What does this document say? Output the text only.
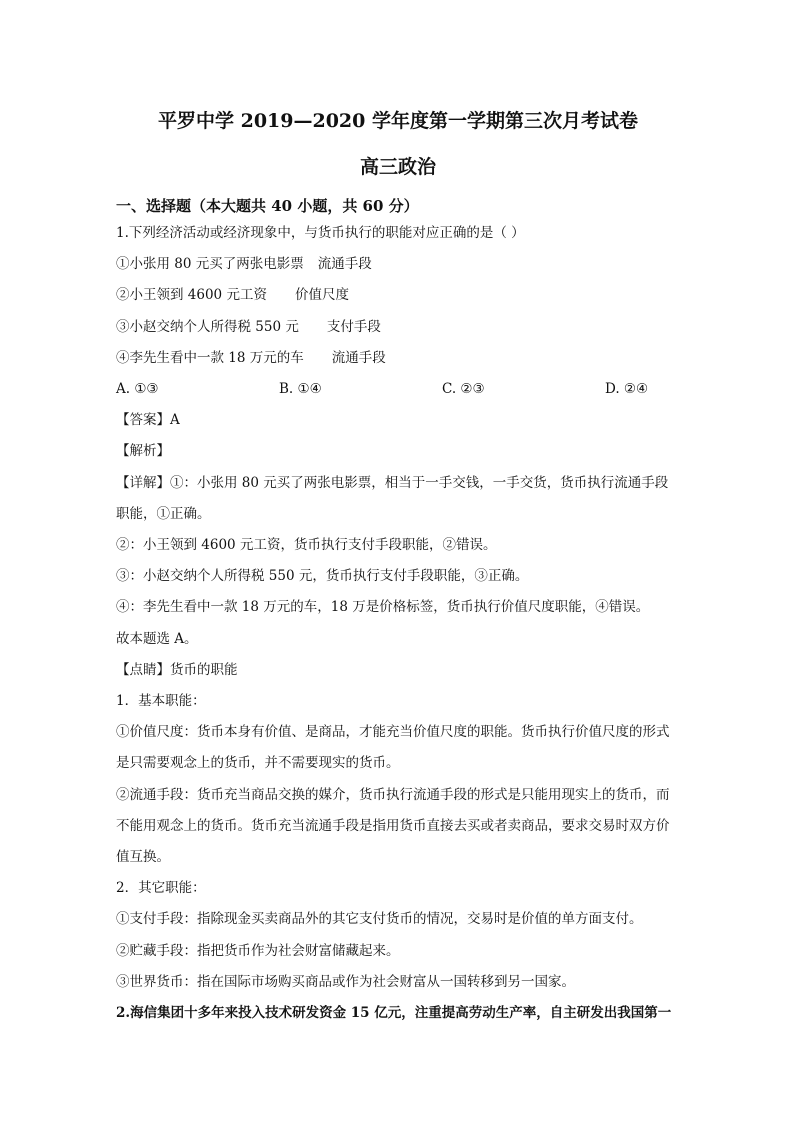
平罗中学 2019—2020 学年度第一学期第三次月考试卷
高三政治
一、选择题（本大题共 40 小题，共 60 分）
1.下列经济活动或经济现象中，与货币执行的职能对应正确的是（ ）
①小张用 80 元买了两张电影票 流通手段
②小王领到 4600 元工资 价值尺度
③小赵交纳个人所得税 550 元 支付手段
④李先生看中一款 18 万元的车 流通手段
A. ①③	B. ①④	C. ②③	D. ②④
【答案】A
【解析】
【详解】①：小张用 80 元买了两张电影票，相当于一手交钱，一手交货，货币执行流通手段职能，①正确。
②：小王领到 4600 元工资，货币执行支付手段职能，②错误。
③：小赵交纳个人所得税 550 元，货币执行支付手段职能，③正确。
④：李先生看中一款 18 万元的车，18 万是价格标签，货币执行价值尺度职能，④错误。
故本题选 A。
【点睛】货币的职能
1．基本职能：
①价值尺度：货币本身有价值、是商品，才能充当价值尺度的职能。货币执行价值尺度的形式是只需要观念上的货币，并不需要现实的货币。
②流通手段：货币充当商品交换的媒介，货币执行流通手段的形式是只能用现实上的货币，而不能用观念上的货币。货币充当流通手段是指用货币直接去买或者卖商品，要求交易时双方价值互换。
2．其它职能：
①支付手段：指除现金买卖商品外的其它支付货币的情况，交易时是价值的单方面支付。
②贮藏手段：指把货币作为社会财富储藏起来。
③世界货币：指在国际市场购买商品或作为社会财富从一国转移到另一国家。
2.海信集团十多年来投入技术研发资金 15 亿元，注重提高劳动生产率，自主研发出我国第一
